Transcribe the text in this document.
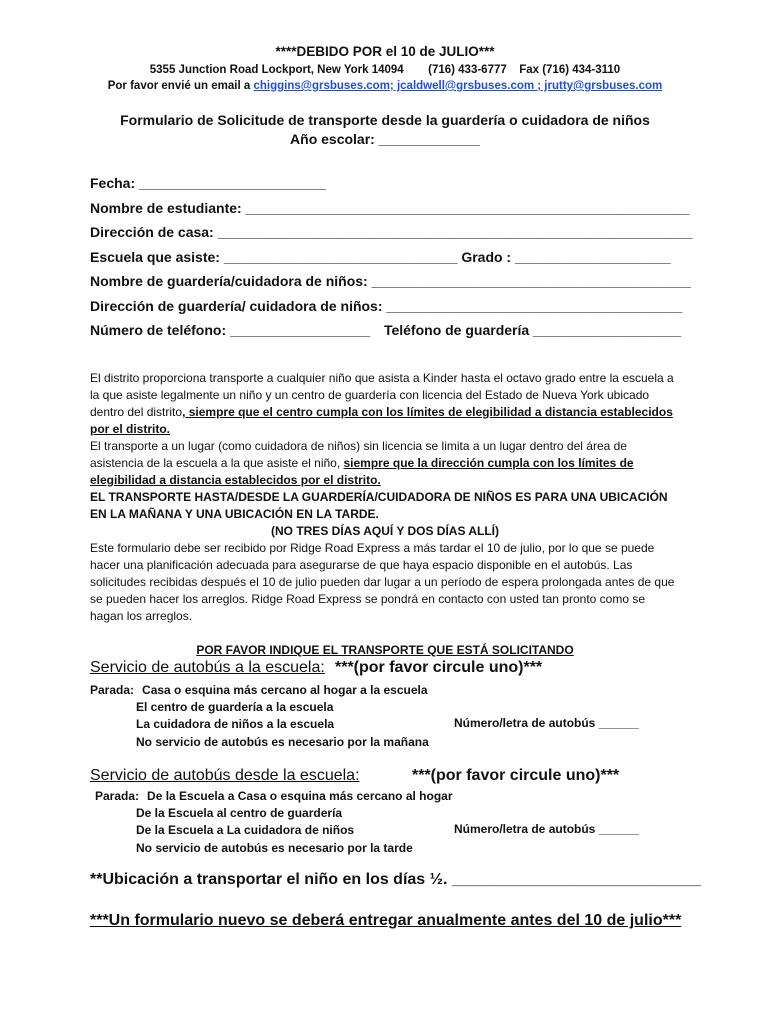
****DEBIDO POR el 10 de JULIO***
5355 Junction Road Lockport, New York 14094 (716) 433-6777 Fax (716) 434-3110
Por favor envié un email a chiggins@grsbuses.com; jcaldwell@grsbuses.com ; jrutty@grsbuses.com
Formulario de Solicitude de transporte desde la guardería o cuidadora de niños
Año escolar: _____________
Fecha: ________________________
Nombre de estudiante: _________________________________________________________
Dirección de casa: _____________________________________________________________
Escuela que asiste: ______________________________ Grado : ____________________
Nombre de guardería/cuidadora de niños: _________________________________________
Dirección de guardería/ cuidadora de niños: ______________________________________
Número de teléfono: __________________ Teléfono de guardería ___________________

El distrito proporciona transporte a cualquier niño que asista a Kinder hasta el octavo grado entre la escuela a la que asiste legalmente un niño y un centro de guardería con licencia del Estado de Nueva York ubicado dentro del distrito, siempre que el centro cumpla con los límites de elegibilidad a distancia establecidos por el distrito.

El transporte a un lugar (como cuidadora de niños) sin licencia se limita a un lugar dentro del área de asistencia de la escuela a la que asiste el niño, siempre que la dirección cumpla con los límites de elegibilidad a distancia establecidos por el distrito.

EL TRANSPORTE HASTA/DESDE LA GUARDERÍA/CUIDADORA DE NIÑOS ES PARA UNA UBICACIÓN EN LA MAÑANA Y UNA UBICACIÓN EN LA TARDE.

(NO TRES DÍAS AQUÍ Y DOS DÍAS ALLÍ)

Este formulario debe ser recibido por Ridge Road Express a más tardar el 10 de julio, por lo que se puede hacer una planificación adecuada para asegurarse de que haya espacio disponible en el autobús. Las solicitudes recibidas después el 10 de julio pueden dar lugar a un período de espera prolongada antes de que se pueden hacer los arreglos. Ridge Road Express se pondrá en contacto con usted tan pronto como se hagan los arreglos.

POR FAVOR INDIQUE EL TRANSPORTE QUE ESTÁ SOLICITANDO
Servicio de autobús a la escuela: ***(por favor circule uno)***
Parada: Casa o esquina más cercano al hogar a la escuela
El centro de guardería a la escuela
La cuidadora de niños a la escuela
No servicio de autobús es necesario por la mañana
Número/letra de autobús ______
Servicio de autobús desde la escuela:	***(por favor circule uno)***
Parada: De la Escuela a Casa o esquina más cercano al hogar
De la Escuela al centro de guardería
De la Escuela a La cuidadora de niños
No servicio de autobús es necesario por la tarde
Número/letra de autobús ______
**Ubicación a transportar el niño en los días ½. ____________________________
***Un formulario nuevo se deberá entregar anualmente antes del 10 de julio***
